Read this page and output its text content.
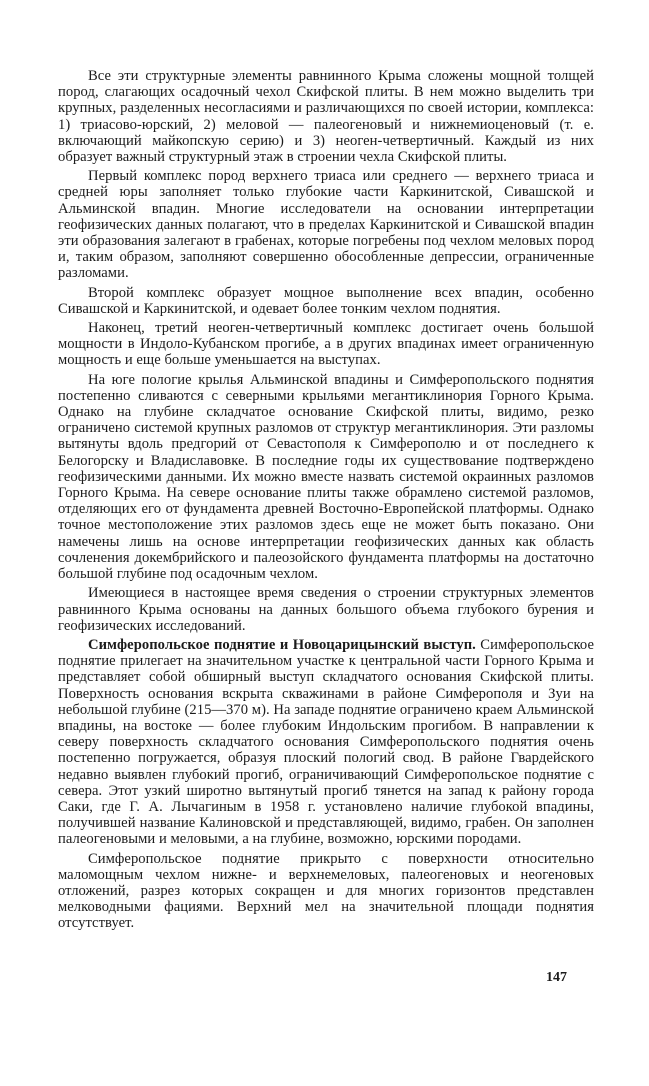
Все эти структурные элементы равнинного Крыма сложены мощной толщей пород, слагающих осадочный чехол Скифской плиты. В нем можно выделить три крупных, разделенных несогласиями и различающихся по своей истории, комплекса: 1) триасово-юрский, 2) меловой — палеогеновый и нижнемиоценовый (т. е. включающий майкопскую серию) и 3) неоген-четвертичный. Каждый из них образует важный структурный этаж в строении чехла Скифской плиты.

Первый комплекс пород верхнего триаса или среднего — верхнего триаса и средней юры заполняет только глубокие части Каркинитской, Сивашской и Альминской впадин. Многие исследователи на основании интерпретации геофизических данных полагают, что в пределах Каркинитской и Сивашской впадин эти образования залегают в грабенах, которые погребены под чехлом меловых пород и, таким образом, заполняют совершенно обособленные депрессии, ограниченные разломами.

Второй комплекс образует мощное выполнение всех впадин, особенно Сивашской и Каркинитской, и одевает более тонким чехлом поднятия.

Наконец, третий неоген-четвертичный комплекс достигает очень большой мощности в Индоло-Кубанском прогибе, а в других впадинах имеет ограниченную мощность и еще больше уменьшается на выступах.

На юге пологие крылья Альминской впадины и Симферопольского поднятия постепенно сливаются с северными крыльями мегантиклинория Горного Крыма. Однако на глубине складчатое основание Скифской плиты, видимо, резко ограничено системой крупных разломов от структур мегантиклинория. Эти разломы вытянуты вдоль предгорий от Севастополя к Симферополю и от последнего к Белогорску и Владиславовке. В последние годы их существование подтверждено геофизическими данными. Их можно вместе назвать системой окраинных разломов Горного Крыма. На севере основание плиты также обрамлено системой разломов, отделяющих его от фундамента древней Восточно-Европейской платформы. Однако точное местоположение этих разломов здесь еще не может быть показано. Они намечены лишь на основе интерпретации геофизических данных как область сочленения докембрийского и палеозойского фундамента платформы на достаточно большой глубине под осадочным чехлом.

Имеющиеся в настоящее время сведения о строении структурных элементов равнинного Крыма основаны на данных большого объема глубокого бурения и геофизических исследований.

Симферопольское поднятие и Новоцарицынский выступ. Симферопольское поднятие прилегает на значительном участке к центральной части Горного Крыма и представляет собой обширный выступ складчатого основания Скифской плиты. Поверхность основания вскрыта скважинами в районе Симферополя и Зуи на небольшой глубине (215—370 м). На западе поднятие ограничено краем Альминской впадины, на востоке — более глубоким Индольским прогибом. В направлении к северу поверхность складчатого основания Симферопольского поднятия очень постепенно погружается, образуя плоский пологий свод. В районе Гвардейского недавно выявлен глубокий прогиб, ограничивающий Симферопольское поднятие с севера. Этот узкий широтно вытянутый прогиб тянется на запад к району города Саки, где Г. А. Лычагиным в 1958 г. установлено наличие глубокой впадины, получившей название Калиновской и представляющей, видимо, грабен. Он заполнен палеогеновыми и меловыми, а на глубине, возможно, юрскими породами.

Симферопольское поднятие прикрыто с поверхности относительно маломощным чехлом нижне- и верхнемеловых, палеогеновых и неогеновых отложений, разрез которых сокращен и для многих горизонтов представлен мелководными фациями. Верхний мел на значительной площади поднятия отсутствует.

147
